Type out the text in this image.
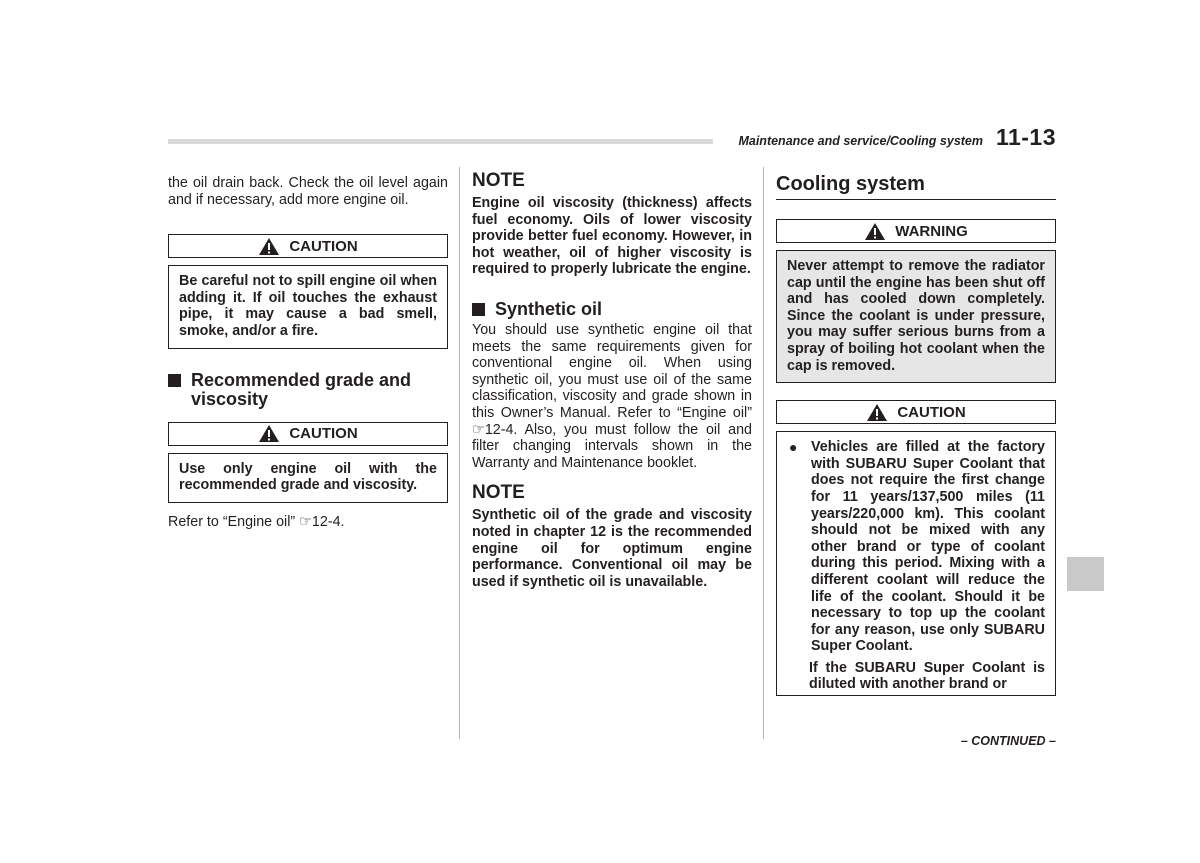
Maintenance and service/Cooling system 11-13

the oil drain back. Check the oil level again and if necessary, add more engine oil.

CAUTION

Be careful not to spill engine oil when adding it. If oil touches the exhaust pipe, it may cause a bad smell, smoke, and/or a fire.

Recommended grade and viscosity
CAUTION

Use only engine oil with the recommended grade and viscosity.

Refer to “Engine oil” ☞12-4.

NOTE

Engine oil viscosity (thickness) affects fuel economy. Oils of lower viscosity provide better fuel economy. However, in hot weather, oil of higher viscosity is required to properly lubricate the engine.

Synthetic oil

You should use synthetic engine oil that meets the same requirements given for conventional engine oil. When using synthetic oil, you must use oil of the same classification, viscosity and grade shown in this Owner’s Manual. Refer to “Engine oil” ☞12-4. Also, you must follow the oil and filter changing intervals shown in the Warranty and Maintenance booklet.

NOTE

Synthetic oil of the grade and viscosity noted in chapter 12 is the recommended engine oil for optimum engine performance. Conventional oil may be used if synthetic oil is unavailable.

Cooling system
WARNING

Never attempt to remove the radiator cap until the engine has been shut off and has cooled down completely. Since the coolant is under pressure, you may suffer serious burns from a spray of boiling hot coolant when the cap is removed.

CAUTION
● Vehicles are filled at the factory with SUBARU Super Coolant that does not require the first change for 11 years/137,500 miles (11 years/220,000 km). This coolant should not be mixed with any other brand or type of coolant during this period. Mixing with a different coolant will reduce the life of the coolant. Should it be necessary to top up the coolant for any reason, use only SUBARU Super Coolant.

If the SUBARU Super Coolant is diluted with another brand or

– CONTINUED –
